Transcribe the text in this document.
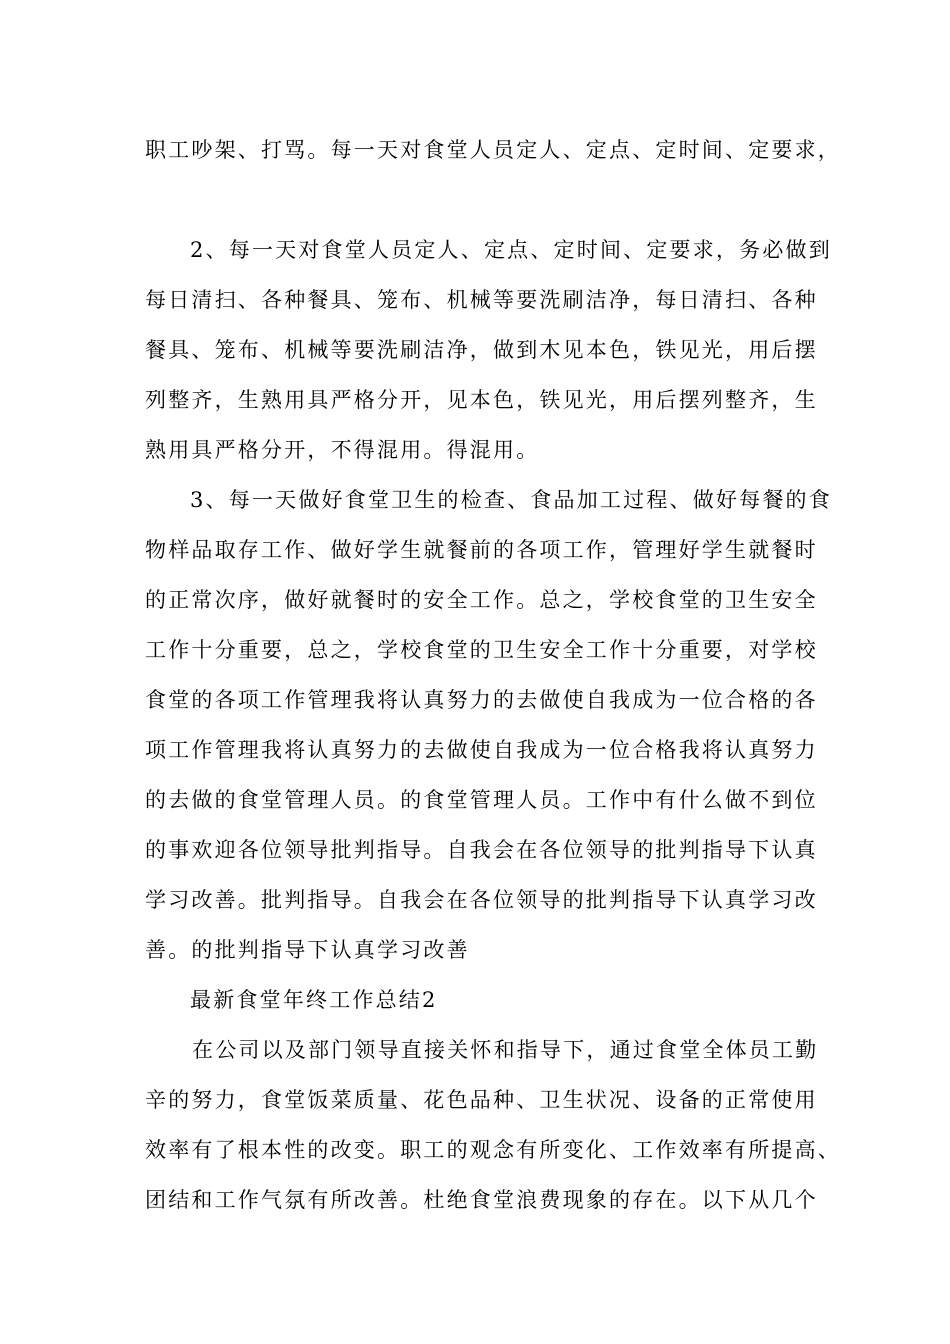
职工吵架、打骂。每一天对食堂人员定人、定点、定时间、定要求，

2、每一天对食堂人员定人、定点、定时间、定要求，务必做到

每日清扫、各种餐具、笼布、机械等要洗刷洁净，每日清扫、各种

餐具、笼布、机械等要洗刷洁净，做到木见本色，铁见光，用后摆

列整齐，生熟用具严格分开，见本色，铁见光，用后摆列整齐，生

熟用具严格分开，不得混用。得混用。

3、每一天做好食堂卫生的检查、食品加工过程、做好每餐的食

物样品取存工作、做好学生就餐前的各项工作，管理好学生就餐时

的正常次序，做好就餐时的安全工作。总之，学校食堂的卫生安全

工作十分重要，总之，学校食堂的卫生安全工作十分重要，对学校

食堂的各项工作管理我将认真努力的去做使自我成为一位合格的各

项工作管理我将认真努力的去做使自我成为一位合格我将认真努力

的去做的食堂管理人员。的食堂管理人员。工作中有什么做不到位

的事欢迎各位领导批判指导。自我会在各位领导的批判指导下认真

学习改善。批判指导。自我会在各位领导的批判指导下认真学习改

善。的批判指导下认真学习改善

最新食堂年终工作总结2

在公司以及部门领导直接关怀和指导下，通过食堂全体员工勤

辛的努力，食堂饭菜质量、花色品种、卫生状况、设备的正常使用

效率有了根本性的改变。职工的观念有所变化、工作效率有所提高、

团结和工作气氛有所改善。杜绝食堂浪费现象的存在。以下从几个
